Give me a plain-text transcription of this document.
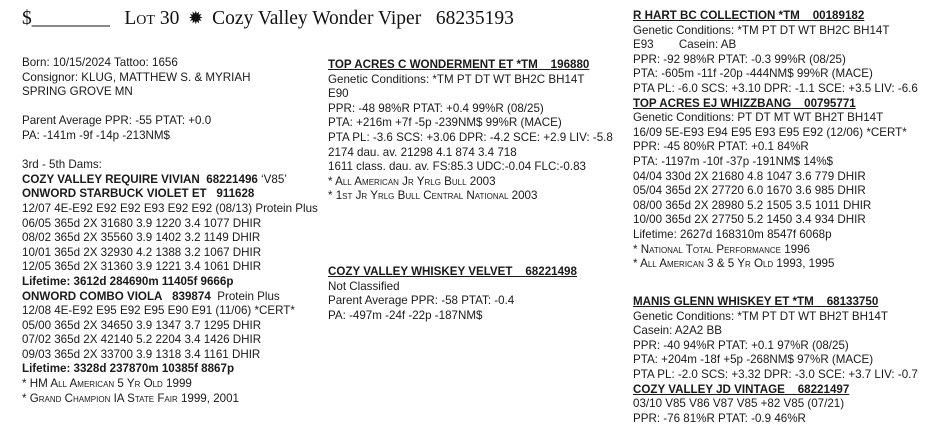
$________ Lot 30 ✹ Cozy Valley Wonder Viper 68235193
Born: 10/15/2024 Tattoo: 1656
Consignor: KLUG, MATTHEW S. & MYRIAH
SPRING GROVE MN
Parent Average PPR: -55 PTAT: +0.0
PA: -141m -9f -14p -213NM$
3rd - 5th Dams:
COZY VALLEY REQUIRE VIVIAN 68221496 ‘V85’
ONWORD STARBUCK VIOLET ET 911628
12/07 4E-E92 E92 E92 E93 E92 E92 (08/13) Protein Plus
06/05 365d 2X 31680 3.9 1220 3.4 1077 DHIR
08/02 365d 2X 35560 3.9 1402 3.2 1149 DHIR
10/01 365d 2X 32930 4.2 1388 3.2 1067 DHIR
12/05 365d 2X 31360 3.9 1221 3.4 1061 DHIR
Lifetime: 3612d 284690m 11405f 9666p
ONWORD COMBO VIOLA 839874 Protein Plus
12/08 4E-E92 E95 E92 E95 E90 E91 (11/06) *CERT*
05/00 365d 2X 34650 3.9 1347 3.7 1295 DHIR
07/02 365d 2X 42140 5.2 2204 3.4 1426 DHIR
09/03 365d 2X 33700 3.9 1318 3.4 1161 DHIR
Lifetime: 3328d 237870m 10385f 8867p
* HM All American 5 Yr Old 1999
* Grand Champion IA State Fair 1999, 2001
TOP ACRES C WONDERMENT ET *TM 196880
Genetic Conditions: *TM PT DT WT BH2C BH14T
E90
PPR: -48 98%R PTAT: +0.4 99%R (08/25)
PTA: +216m +7f -5p -239NM$ 99%R (MACE)
PTA PL: -3.6 SCS: +3.06 DPR: -4.2 SCE: +2.9 LIV: -5.8
2174 dau. av. 21298 4.1 874 3.4 718
1611 class. dau. av. FS:85.3 UDC:-0.04 FLC:-0.83
* All American Jr Yrlg Bull 2003
* 1st Jr Yrlg Bull Central National 2003
COZY VALLEY WHISKEY VELVET 68221498
Not Classified
Parent Average PPR: -58 PTAT: -0.4
PA: -497m -24f -22p -187NM$
R HART BC COLLECTION *TM 00189182
Genetic Conditions: *TM PT DT WT BH2C BH14T
E93 Casein: AB
PPR: -92 98%R PTAT: -0.3 99%R (08/25)
PTA: -605m -11f -20p -444NM$ 99%R (MACE)
PTA PL: -6.0 SCS: +3.10 DPR: -1.1 SCE: +3.5 LIV: -6.6
TOP ACRES EJ WHIZZBANG 00795771
Genetic Conditions: PT DT MT WT BH2T BH14T
16/09 5E-E93 E94 E95 E93 E95 E92 (12/06) *CERT*
PPR: -45 80%R PTAT: +0.1 84%R
PTA: -1197m -10f -37p -191NM$ 14%$
04/04 330d 2X 21680 4.8 1047 3.6 779 DHIR
05/04 365d 2X 27720 6.0 1670 3.6 985 DHIR
08/00 365d 2X 28980 5.2 1505 3.5 1011 DHIR
10/00 365d 2X 27750 5.2 1450 3.4 934 DHIR
Lifetime: 2627d 168310m 8547f 6068p
* National Total Performance 1996
* All American 3 & 5 Yr Old 1993, 1995
MANIS GLENN WHISKEY ET *TM 68133750
Genetic Conditions: *TM PT DT WT BH2T BH14T
Casein: A2A2 BB
PPR: -40 94%R PTAT: +0.1 97%R (08/25)
PTA: +204m -18f +5p -268NM$ 97%R (MACE)
PTA PL: -2.0 SCS: +3.32 DPR: -3.0 SCE: +3.7 LIV: -0.7
COZY VALLEY JD VINTAGE 68221497
03/10 V85 V86 V87 V85 +82 V85 (07/21)
PPR: -76 81%R PTAT: -0.9 46%R
